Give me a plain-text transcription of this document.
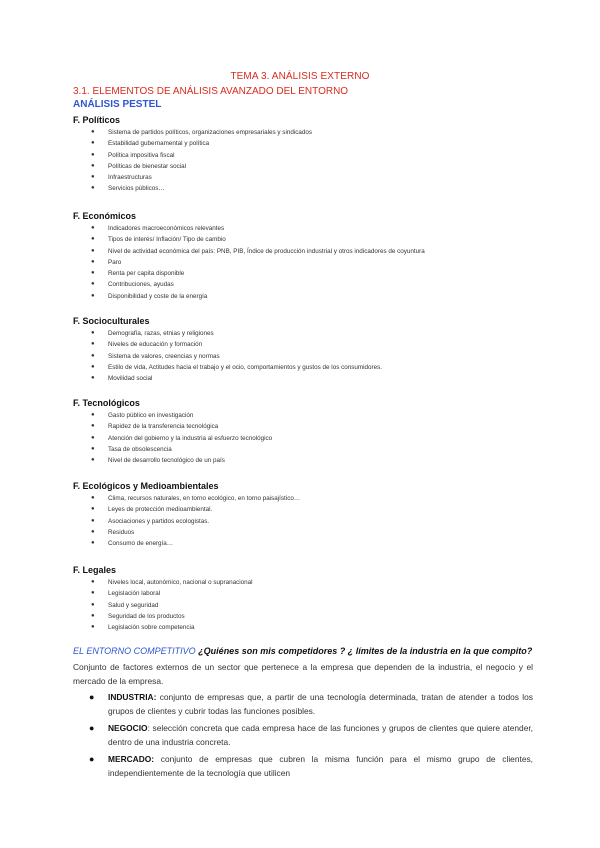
TEMA 3. ANÁLISIS EXTERNO
3.1. ELEMENTOS DE ANÁLISIS AVANZADO DEL ENTORNO
ANÁLISIS PESTEL
F. Políticos
● Sistema de partidos políticos, organizaciones empresariales y sindicados
● Estabilidad gubernamental y política
● Política impositiva fiscal
● Políticas de bienestar social
● Infraestructuras
● Servicios públicos…
F. Económicos
● Indicadores macroeconómicos relevantes
● Tipos de interés/ Inflación/ Tipo de cambio
● Nivel de actividad económica del país: PNB, PIB, Índice de producción industrial y otros indicadores de coyuntura
● Paro
● Renta per capita disponible
● Contribuciones, ayudas
● Disponibilidad y coste de la energía
F. Socioculturales
● Demografía, razas, etnias y religiones
● Niveles de educación y formación
● Sistema de valores, creencias y normas
● Estilo de vida, Actitudes hacia el trabajo y el ocio, comportamientos y gustos de los consumidores.
● Movilidad social
F. Tecnológicos
● Gasto público en investigación
● Rapidez de la transferencia tecnológica
● Atención del gobierno y la industria al esfuerzo tecnológico
● Tasa de obsolescencia
● Nivel de desarrollo tecnológico de un país
F. Ecológicos y Medioambientales
● Clima, recursos naturales, en torno ecológico, en torno paisajístico…
● Leyes de protección medioambiental.
● Asociaciones y partidos ecologistas.
● Residuos
● Consumo de energía…
F. Legales
● Niveles local, autonómico, nacional o supranacional
● Legislación laboral
● Salud y seguridad
● Seguridad de los productos
● Legislación sobre competencia
EL ENTORNO COMPETITIVO ¿Quiénes son mis competidores ? ¿ límites de la industria en la que compito?
Conjunto de factores externos de un sector que pertenece a la empresa que dependen de la industria, el negocio y el mercado de la empresa.
● INDUSTRIA: conjunto de empresas que, a partir de una tecnología determinada, tratan de atender a todos los grupos de clientes y cubrir todas las funciones posibles.
● NEGOCIO: selección concreta que cada empresa hace de las funciones y grupos de clientes que quiere atender, dentro de una industria concreta.
● MERCADO: conjunto de empresas que cubren la misma función para el mismo grupo de clientes, independientemente de la tecnología que utilicen
